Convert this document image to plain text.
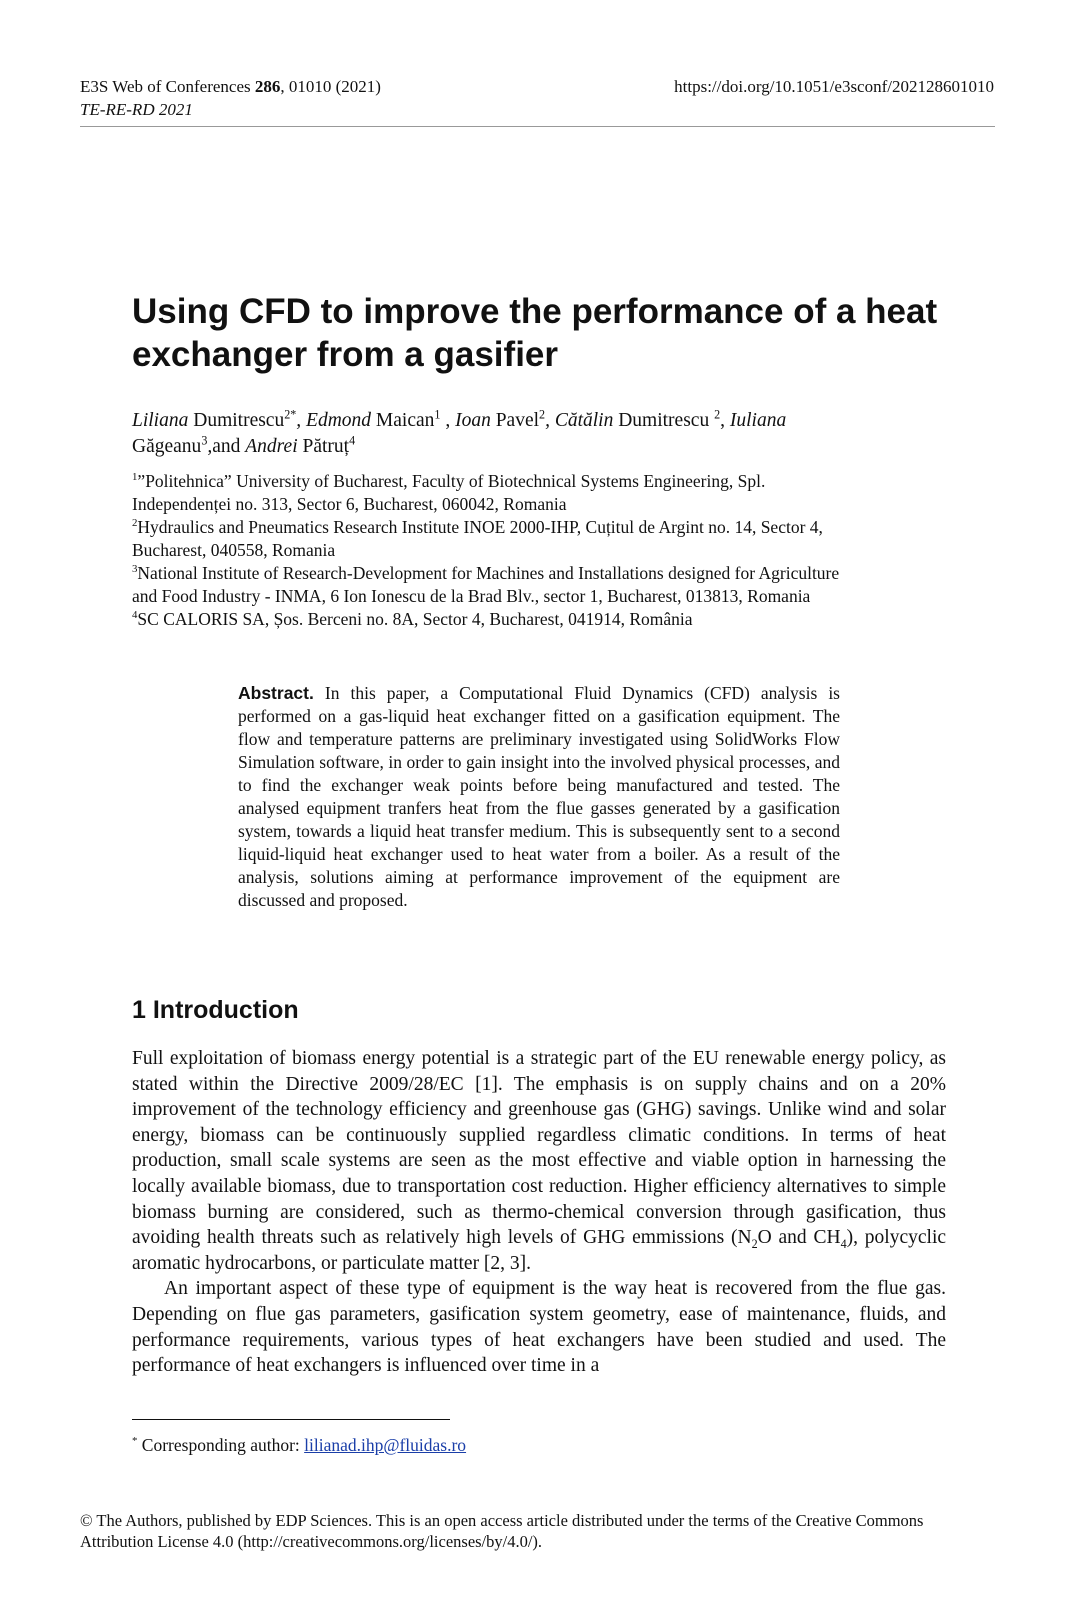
E3S Web of Conferences 286, 01010 (2021)
TE-RE-RD 2021
https://doi.org/10.1051/e3sconf/202128601010
Using CFD to improve the performance of a heat
exchanger from a gasifier
Liliana Dumitrescu$^{2*}$, Edmond Maican$^1$ , Ioan Pavel$^2$, Cătălin Dumitrescu $^2$, Iuliana
Găgeanu$^3$,and Andrei Pătruț$^4$
$^1$”Politehnica” University of Bucharest, Faculty of Biotechnical Systems Engineering, Spl.
Independenței no. 313, Sector 6, Bucharest, 060042, Romania
$^2$Hydraulics and Pneumatics Research Institute INOE 2000-IHP, Cuțitul de Argint no. 14, Sector 4,
Bucharest, 040558, Romania
$^3$National Institute of Research-Development for Machines and Installations designed for Agriculture
and Food Industry - INMA, 6 Ion Ionescu de la Brad Blv., sector 1, Bucharest, 013813, Romania
$^4$SC CALORIS SA, Șos. Berceni no. 8A, Sector 4, Bucharest, 041914, România
Abstract. In this paper, a Computational Fluid Dynamics (CFD) analysis is performed on a gas-liquid heat exchanger fitted on a gasification equipment. The flow and temperature patterns are preliminary investigated using SolidWorks Flow Simulation software, in order to gain insight into the involved physical processes, and to find the exchanger weak points before being manufactured and tested. The analysed equipment tranfers heat from the flue gasses generated by a gasification system, towards a liquid heat transfer medium. This is subsequently sent to a second liquid-liquid heat exchanger used to heat water from a boiler. As a result of the analysis, solutions aiming at performance improvement of the equipment are discussed and proposed.
1 Introduction

Full exploitation of biomass energy potential is a strategic part of the EU renewable energy policy, as stated within the Directive 2009/28/EC [1]. The emphasis is on supply chains and on a 20% improvement of the technology efficiency and greenhouse gas (GHG) savings. Unlike wind and solar energy, biomass can be continuously supplied regardless climatic conditions. In terms of heat production, small scale systems are seen as the most effective and viable option in harnessing the locally available biomass, due to transportation cost reduction. Higher efficiency alternatives to simple biomass burning are considered, such as thermo-chemical conversion through gasification, thus avoiding health threats such as relatively high levels of GHG emmissions ($N_2O$ and $CH_4$), polycyclic aromatic hydrocarbons, or particulate matter [2, 3].

An important aspect of these type of equipment is the way heat is recovered from the flue gas. Depending on flue gas parameters, gasification system geometry, ease of maintenance, fluids, and performance requirements, various types of heat exchangers have been studied and used. The performance of heat exchangers is influenced over time in a

* Corresponding author: lilianad.ihp@fluidas.ro
© The Authors, published by EDP Sciences. This is an open access article distributed under the terms of the Creative Commons
Attribution License 4.0 (http://creativecommons.org/licenses/by/4.0/).
